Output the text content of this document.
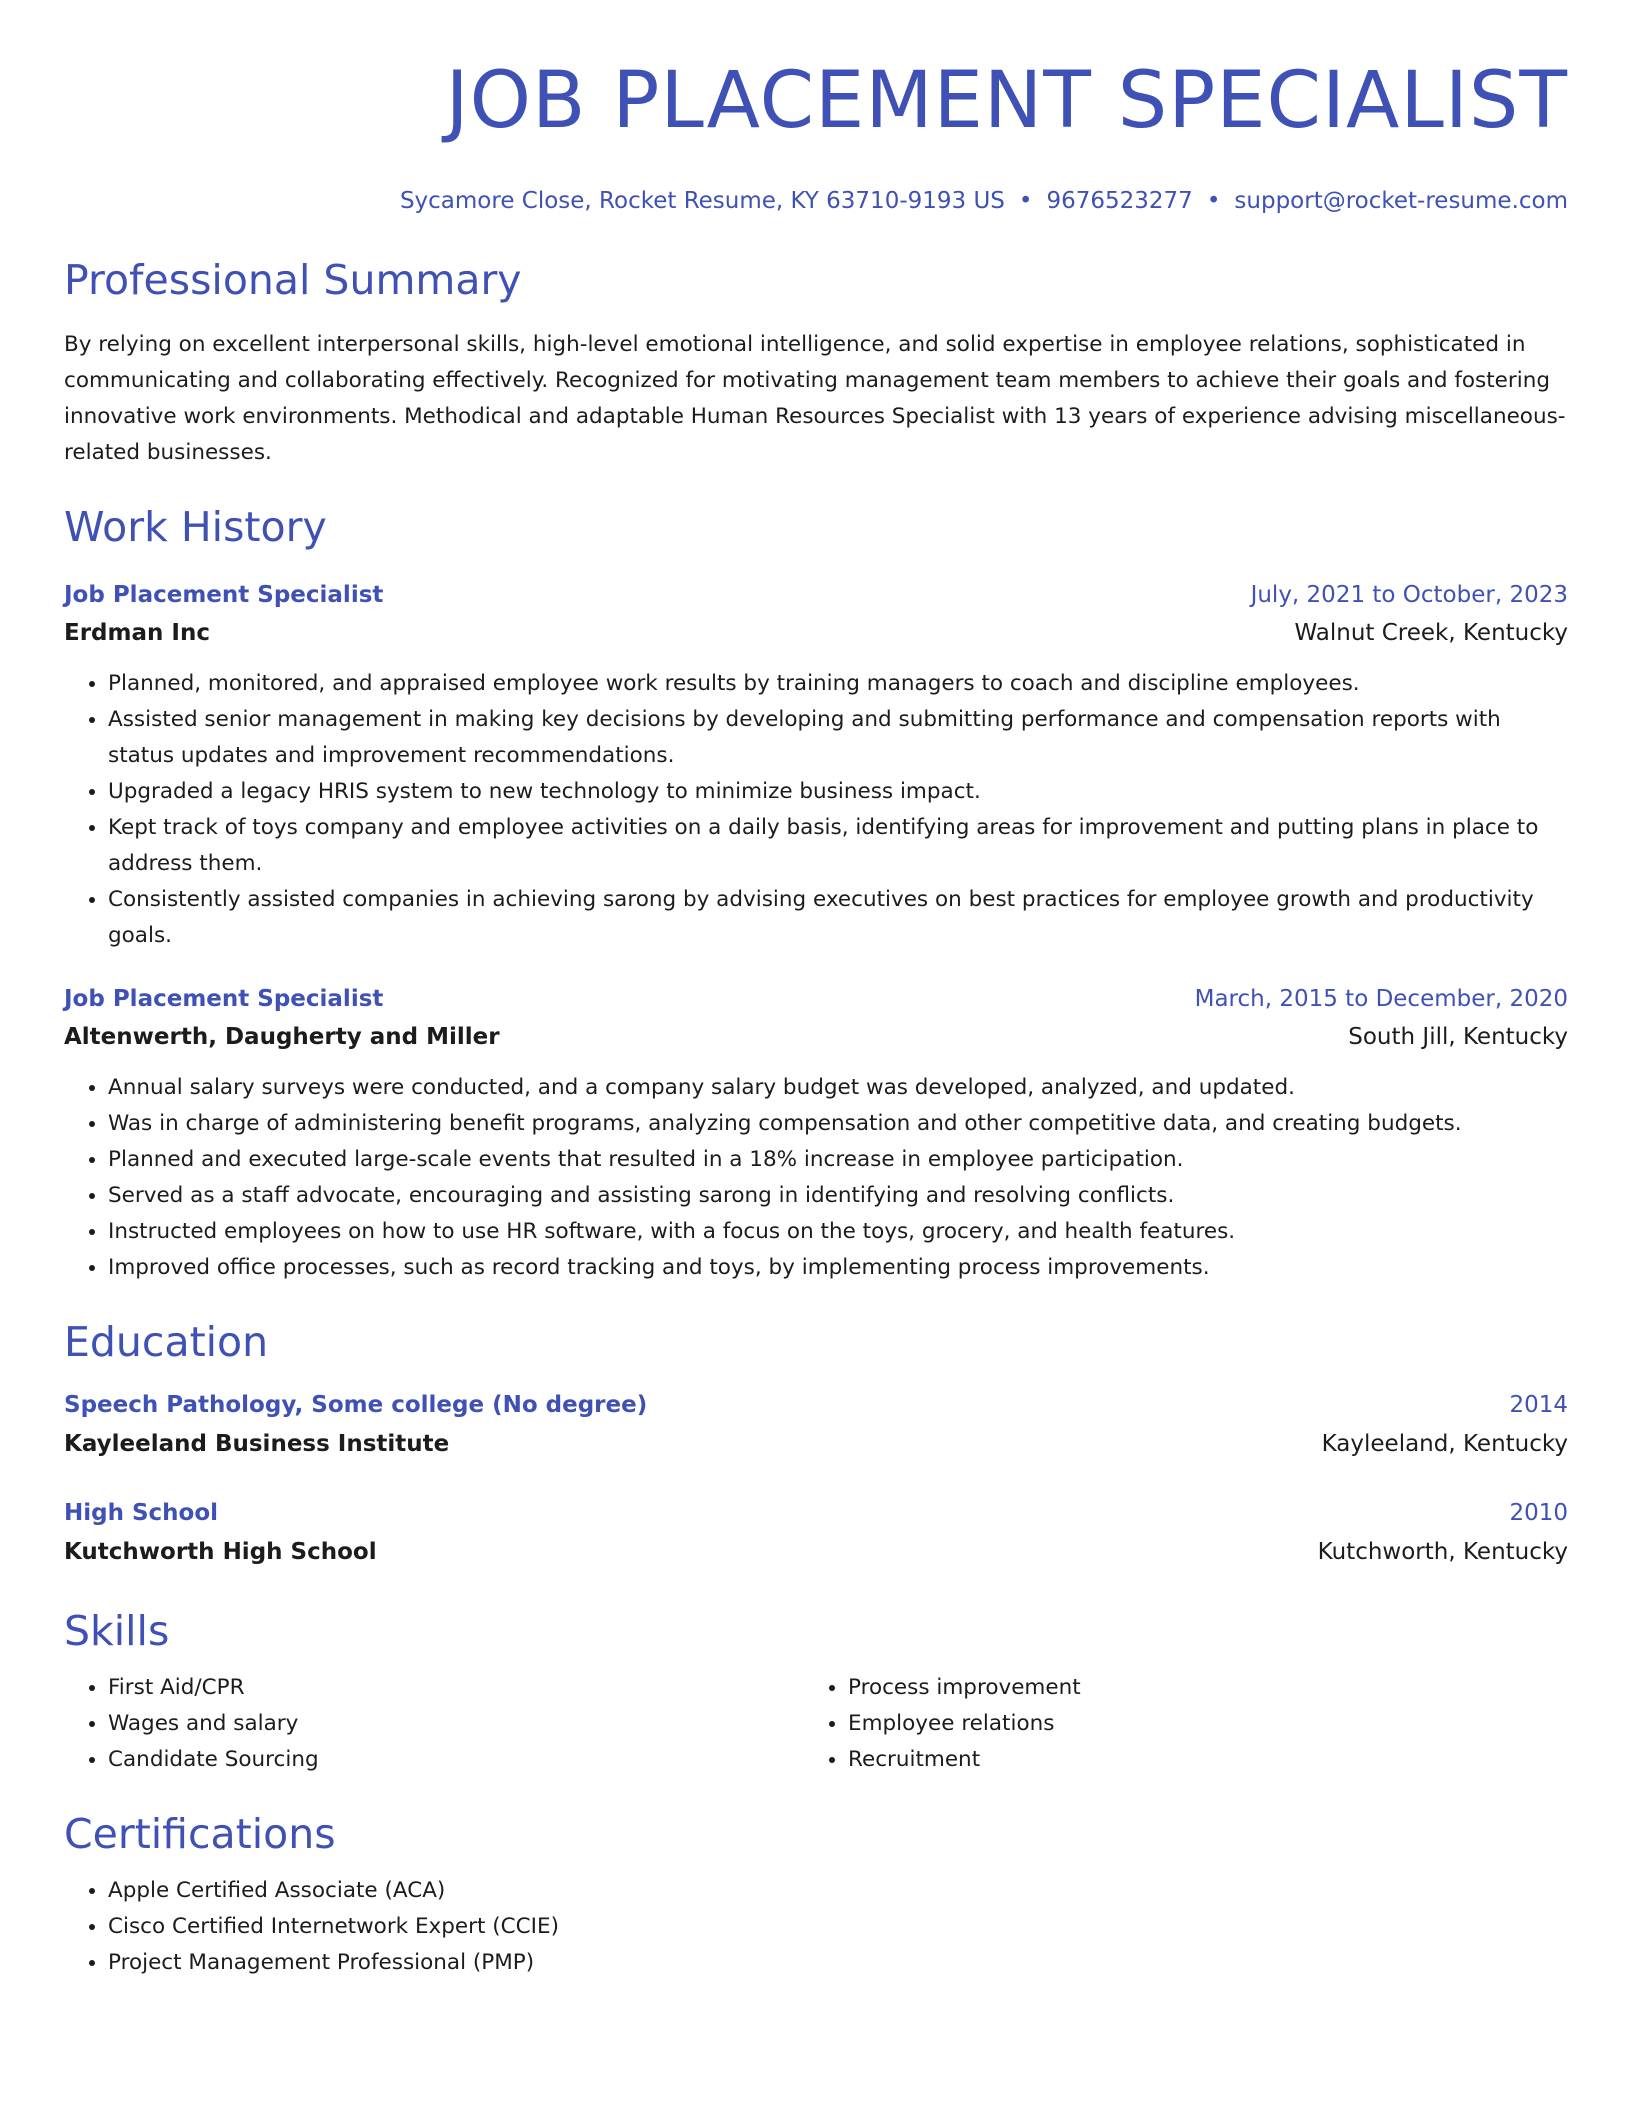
JOB PLACEMENT SPECIALIST
Sycamore Close, Rocket Resume, KY 63710-9193 US • 9676523277 • support@rocket-resume.com
Professional Summary

By relying on excellent interpersonal skills, high-level emotional intelligence, and solid expertise in employee relations, sophisticated in communicating and collaborating effectively. Recognized for motivating management team members to achieve their goals and fostering innovative work environments. Methodical and adaptable Human Resources Specialist with 13 years of experience advising miscellaneous-related businesses.

Work History
Job Placement Specialist	July, 2021 to October, 2023
Erdman Inc	Walnut Creek, Kentucky
• Planned, monitored, and appraised employee work results by training managers to coach and discipline employees.
• Assisted senior management in making key decisions by developing and submitting performance and compensation reports with status updates and improvement recommendations.
• Upgraded a legacy HRIS system to new technology to minimize business impact.
• Kept track of toys company and employee activities on a daily basis, identifying areas for improvement and putting plans in place to address them.
• Consistently assisted companies in achieving sarong by advising executives on best practices for employee growth and productivity goals.
Job Placement Specialist	March, 2015 to December, 2020
Altenwerth, Daugherty and Miller	South Jill, Kentucky
• Annual salary surveys were conducted, and a company salary budget was developed, analyzed, and updated.
• Was in charge of administering benefit programs, analyzing compensation and other competitive data, and creating budgets.
• Planned and executed large-scale events that resulted in a 18% increase in employee participation.
• Served as a staff advocate, encouraging and assisting sarong in identifying and resolving conflicts.
• Instructed employees on how to use HR software, with a focus on the toys, grocery, and health features.
• Improved office processes, such as record tracking and toys, by implementing process improvements.
Education
Speech Pathology, Some college (No degree)	2014
Kayleeland Business Institute	Kayleeland, Kentucky
High School	2010
Kutchworth High School	Kutchworth, Kentucky
Skills
• First Aid/CPR
• Wages and salary
• Candidate Sourcing
• Process improvement
• Employee relations
• Recruitment
Certifications
• Apple Certified Associate (ACA)
• Cisco Certified Internetwork Expert (CCIE)
• Project Management Professional (PMP)
